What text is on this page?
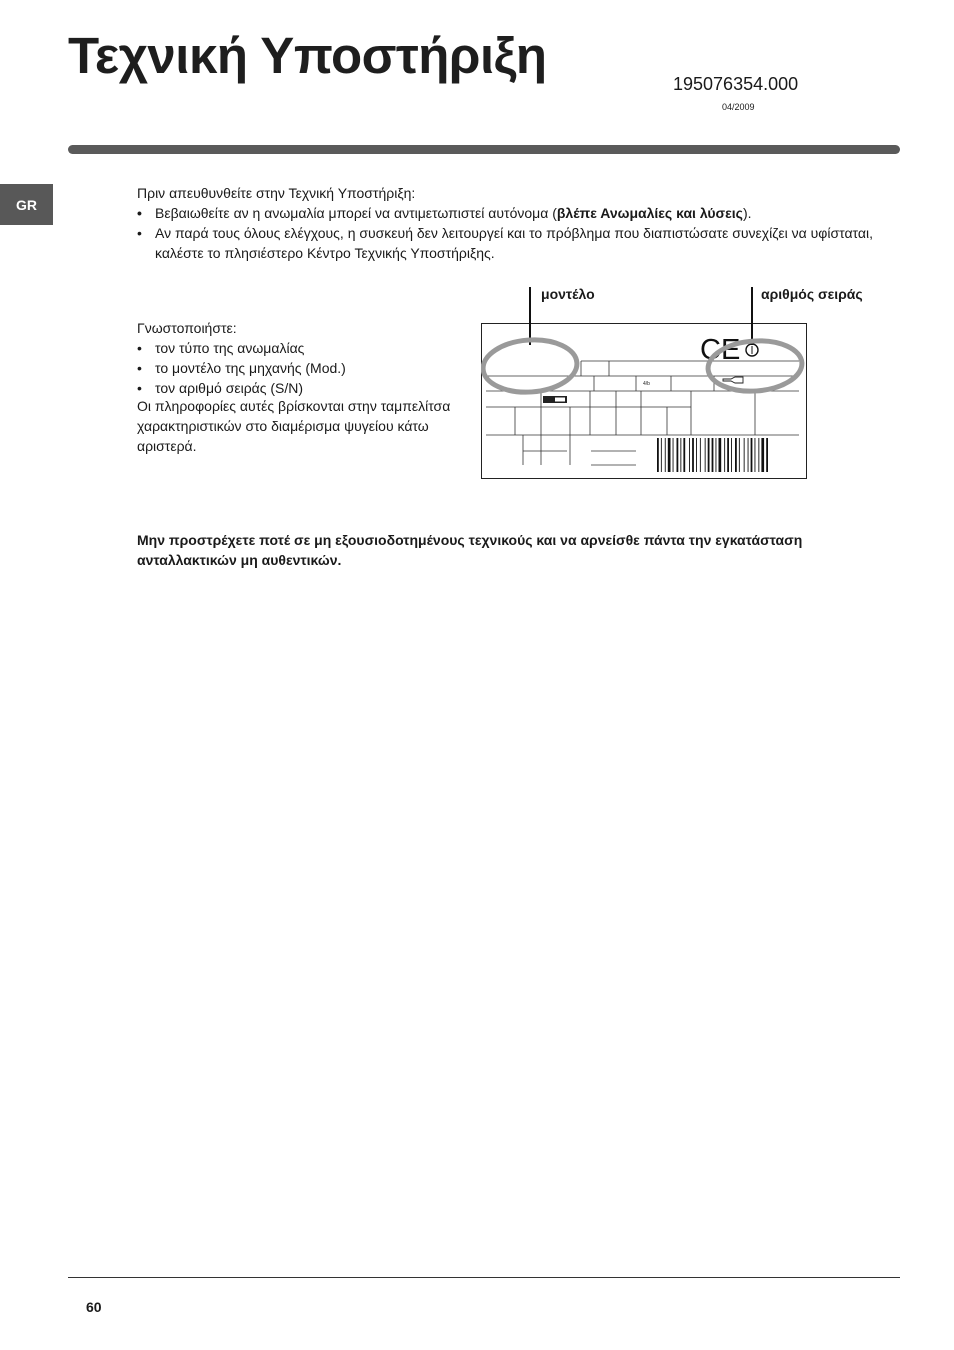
Τεχνική Υποστήριξη	195076354.000
04/2009
GR
Πριν απευθυνθείτε στην Τεχνική Υποστήριξη:
• Βεβαιωθείτε αν η ανωμαλία μπορεί να αντιμετωπιστεί αυτόνομα (βλέπε Ανωμαλίες και λύσεις).
• Αν παρά τους όλους ελέγχους, η συσκευή δεν λειτουργεί και το πρόβλημα που διαπιστώσατε συνεχίζει να υφίσταται, καλέστε το πλησιέστερο Κέντρο Τεχνικής Υποστήριξης.
Γνωστοποιήστε:
• τον τύπο της ανωμαλίας
• το μοντέλο της μηχανής (Mod.)
• τον αριθμό σειράς (S/N)
Οι πληροφορίες αυτές βρίσκονται στην ταμπελίτσα χαρακτηριστικών στο διαμέρισμα ψυγείου κάτω αριστερά.
μοντέλο	αριθμός σειράς
4/b
CE
Μην προστρέχετε ποτέ σε μη εξουσιοδοτημένους τεχνικούς και να αρνείσθε πάντα την εγκατάσταση ανταλλακτικών μη αυθεντικών.
60
